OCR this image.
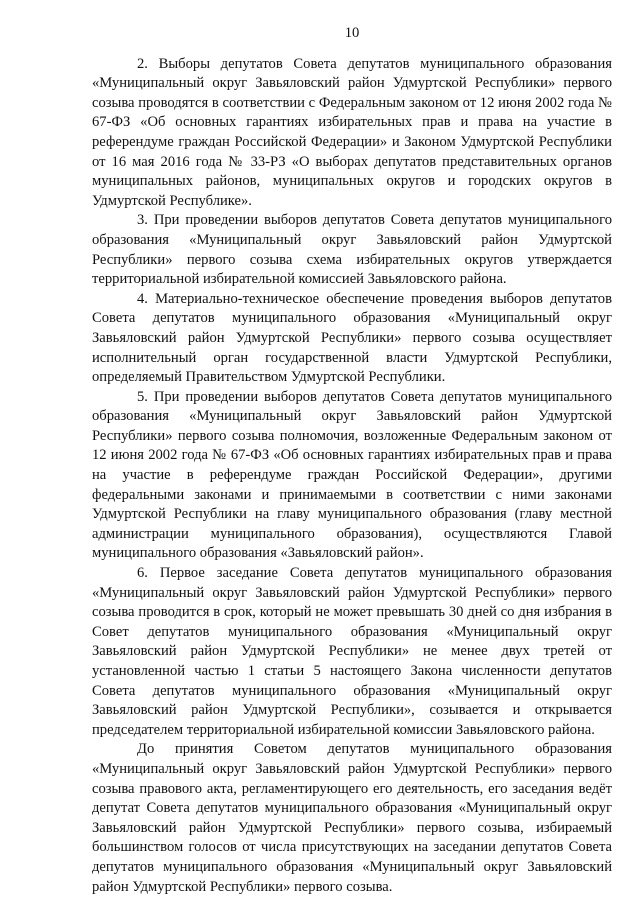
10

2. Выборы депутатов Совета депутатов муниципального образования «Муниципальный округ Завьяловский район Удмуртской Республики» первого созыва проводятся в соответствии с Федеральным законом от 12 июня 2002 года № 67-ФЗ «Об основных гарантиях избирательных прав и права на участие в референдуме граждан Российской Федерации» и Законом Удмуртской Республики от 16 мая 2016 года № 33-РЗ «О выборах депутатов представительных органов муниципальных районов, муниципальных округов и городских округов в Удмуртской Республике».

3. При проведении выборов депутатов Совета депутатов муниципального образования «Муниципальный округ Завьяловский район Удмуртской Республики» первого созыва схема избирательных округов утверждается территориальной избирательной комиссией Завьяловского района.

4. Материально-техническое обеспечение проведения выборов депутатов Совета депутатов муниципального образования «Муниципальный округ Завьяловский район Удмуртской Республики» первого созыва осуществляет исполнительный орган государственной власти Удмуртской Республики, определяемый Правительством Удмуртской Республики.

5. При проведении выборов депутатов Совета депутатов муниципального образования «Муниципальный округ Завьяловский район Удмуртской Республики» первого созыва полномочия, возложенные Федеральным законом от 12 июня 2002 года № 67-ФЗ «Об основных гарантиях избирательных прав и права на участие в референдуме граждан Российской Федерации», другими федеральными законами и принимаемыми в соответствии с ними законами Удмуртской Республики на главу муниципального образования (главу местной администрации муниципального образования), осуществляются Главой муниципального образования «Завьяловский район».

6. Первое заседание Совета депутатов муниципального образования «Муниципальный округ Завьяловский район Удмуртской Республики» первого созыва проводится в срок, который не может превышать 30 дней со дня избрания в Совет депутатов муниципального образования «Муниципальный округ Завьяловский район Удмуртской Республики» не менее двух третей от установленной частью 1 статьи 5 настоящего Закона численности депутатов Совета депутатов муниципального образования «Муниципальный округ Завьяловский район Удмуртской Республики», созывается и открывается председателем территориальной избирательной комиссии Завьяловского района.

До принятия Советом депутатов муниципального образования «Муниципальный округ Завьяловский район Удмуртской Республики» первого созыва правового акта, регламентирующего его деятельность, его заседания ведёт депутат Совета депутатов муниципального образования «Муниципальный округ Завьяловский район Удмуртской Республики» первого созыва, избираемый большинством голосов от числа присутствующих на заседании депутатов Совета депутатов муниципального образования «Муниципальный округ Завьяловский район Удмуртской Республики» первого созыва.
